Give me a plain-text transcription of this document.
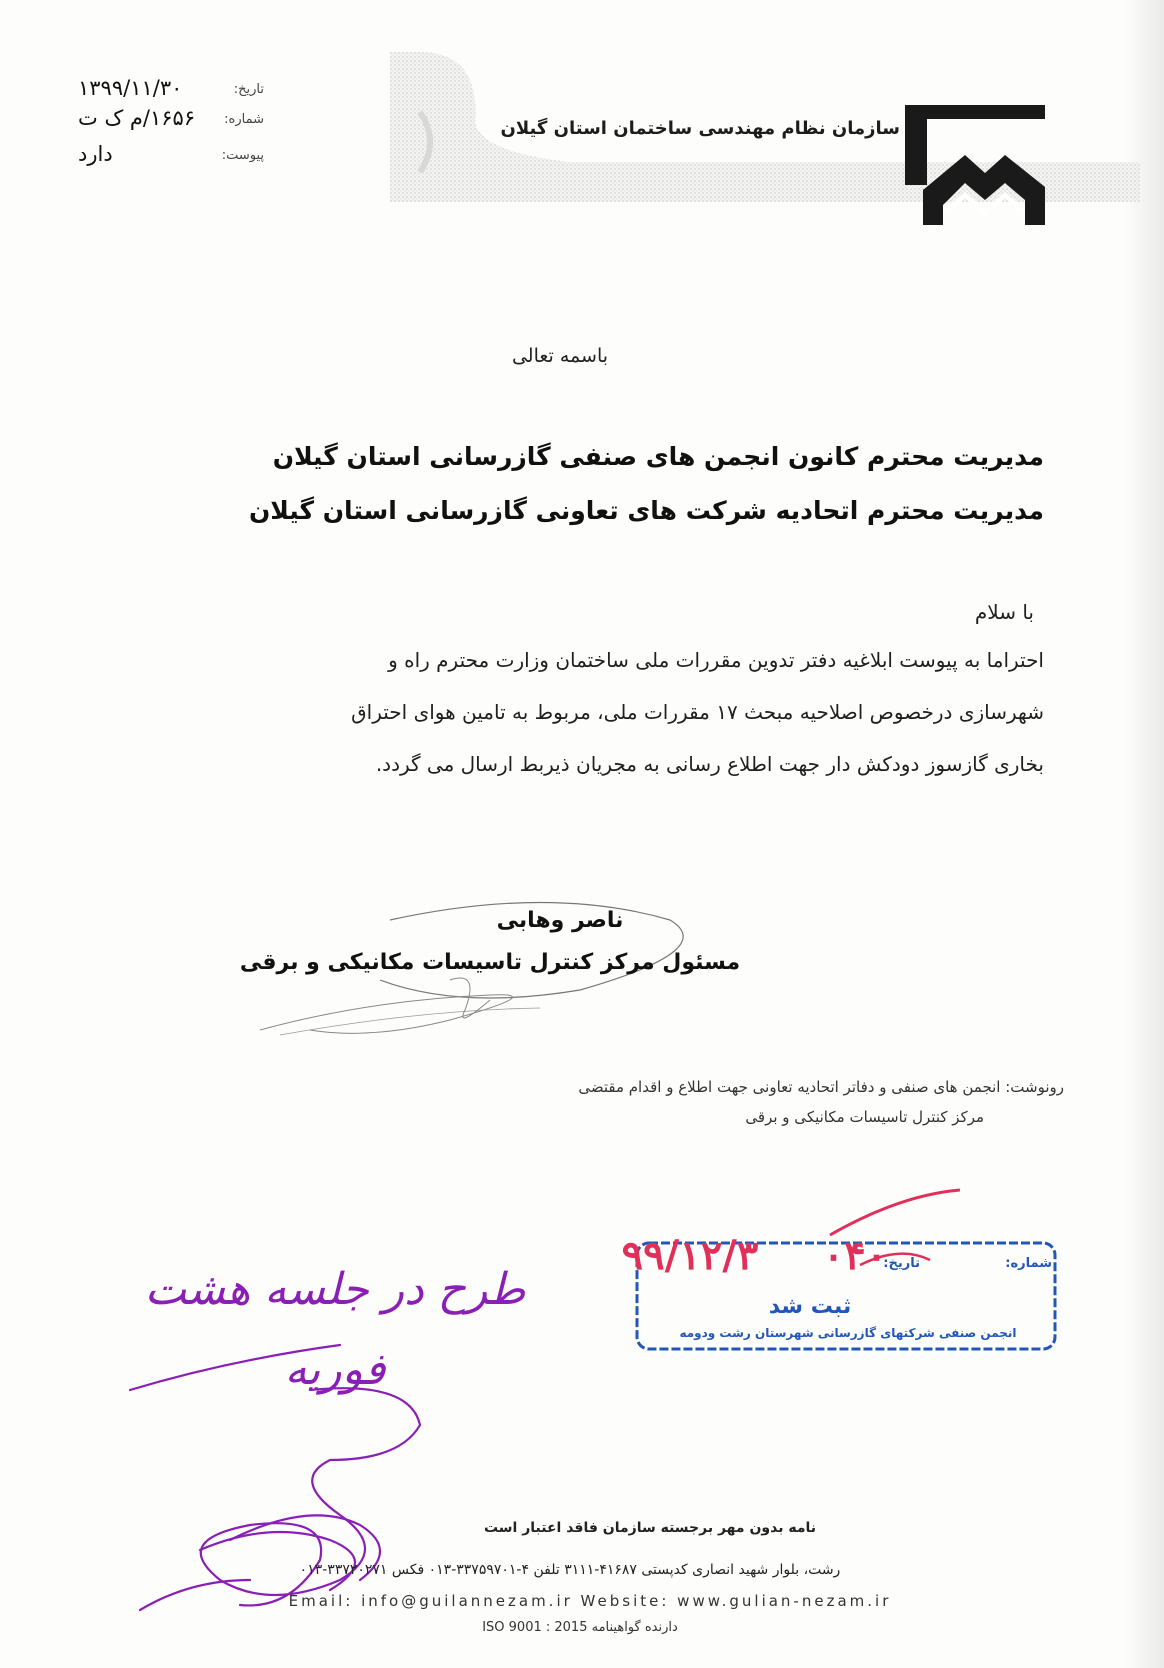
سازمان نظام مهندسی ساختمان استان گیلان
تاریخ:
۱۳۹۹/۱۱/۳۰
شماره:
۱۶۵۶/م ک ت
پیوست:
دارد
باسمه تعالی
مدیریت محترم کانون انجمن های صنفی گازرسانی استان گیلان
مدیریت محترم اتحادیه شرکت های تعاونی گازرسانی استان گیلان
با سلام
احتراما به پیوست ابلاغیه دفتر تدوین مقررات ملی ساختمان وزارت محترم راه و
شهرسازی درخصوص اصلاحیه مبحث ۱۷ مقررات ملی، مربوط به تامین هوای احتراق
بخاری گازسوز دودکش دار جهت اطلاع رسانی به مجریان ذیربط ارسال می گردد.
ناصر وهابی
مسئول مرکز کنترل تاسیسات مکانیکی و برقی
رونوشت: انجمن های صنفی و دفاتر اتحادیه تعاونی جهت اطلاع و اقدام مقتضی
مرکز کنترل تاسیسات مکانیکی و برقی
شماره:
تاریخ:
ثبت شد
انجمن صنفی شرکتهای گازرسانی شهرستان رشت ودومه
۰۴۰
۹۹/۱۲/۳
طرح در جلسه هشت فوریه
نامه بدون مهر برجسته سازمان فاقد اعتبار است
رشت، بلوار شهید انصاری کدپستی ۴۱۶۸۷-۳۱۱۱ تلفن ۴-۳۳۷۵۹۷۰۱-۰۱۳ فکس ۳۳۷۲۰۲۷۱-۰۱۳
Email: info@guilannezam.ir Website: www.gulian-nezam.ir
دارنده گواهینامه ISO 9001 : 2015
